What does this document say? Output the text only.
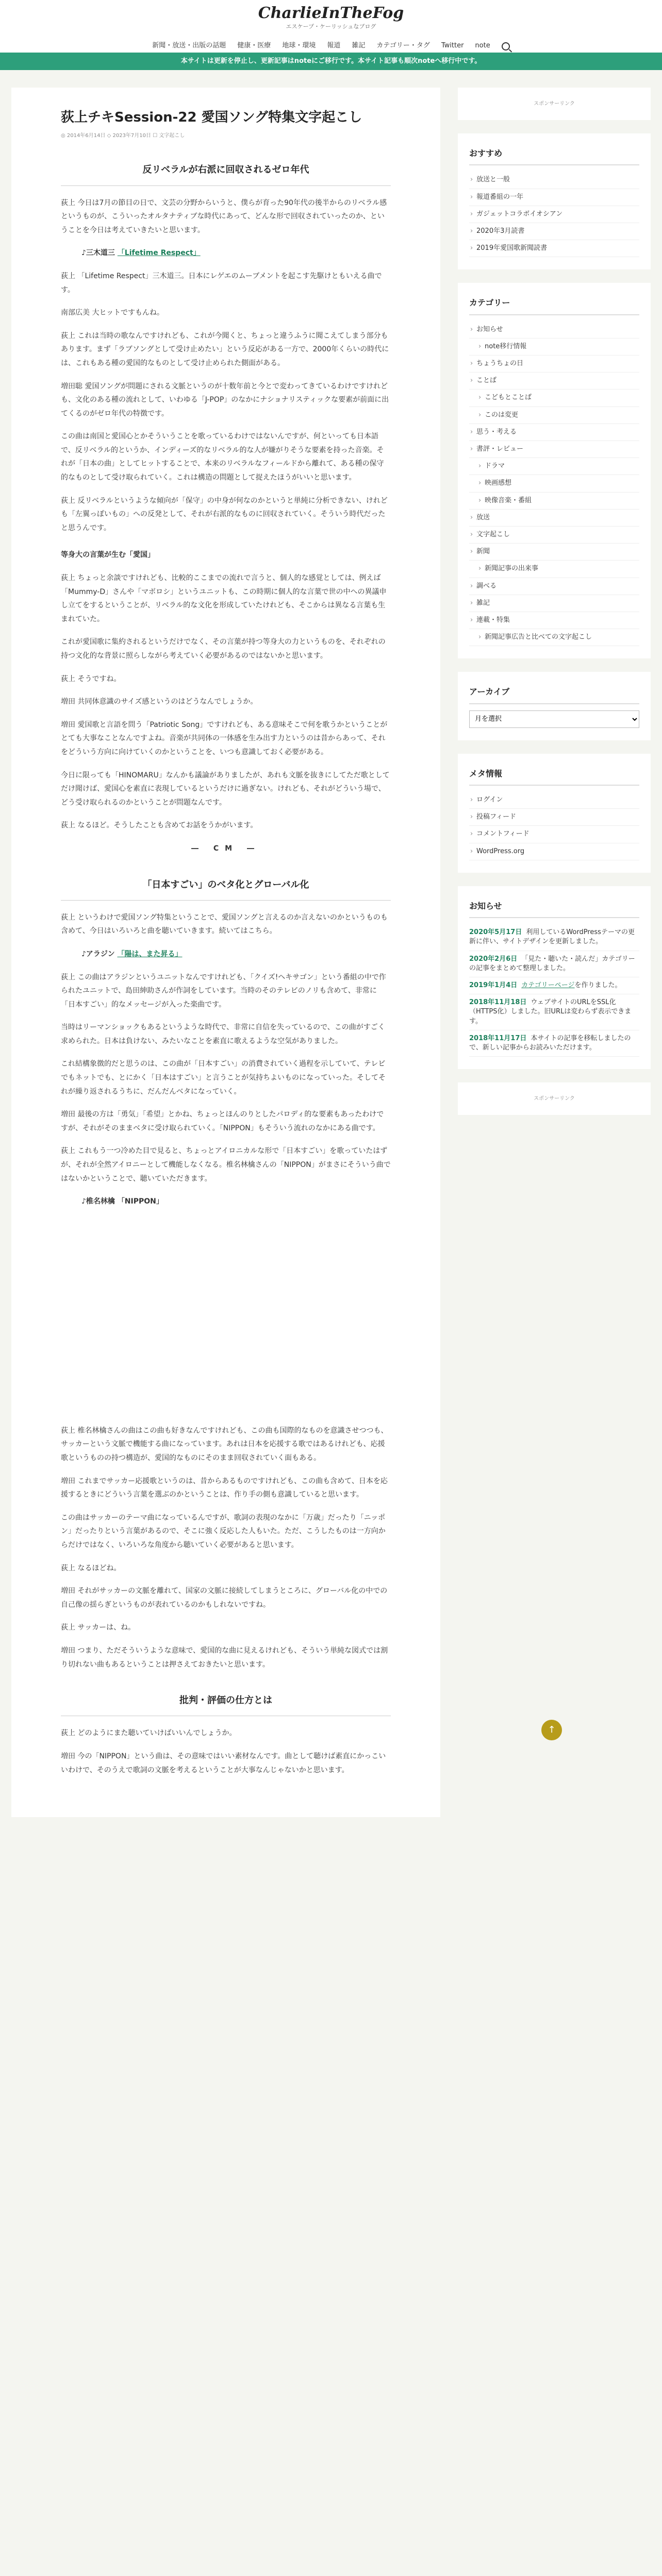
CharlieInTheFog
エスケープ・ケーリッシュなブログ
新聞・放送・出版の話題 健康・医療 地球・環境 報道 雑記 カテゴリー・タグ Twitter note
本サイトは更新を停止し、更新記事はnoteにご移行です。本サイト記事も順次noteへ移行中です。
荻上チキSession-22 愛国ソング特集文字起こし
◎ 2014年6月14日 ◇ 2023年7月10日 ☐ 文字起こし
反リベラルが右派に回収されるゼロ年代

荻上 今日は7月の節目の日で、文芸の分野からいうと、僕らが育った90年代の後半からのリベラル感というものが、こういったオルタナティブな時代にあって、どんな形で回収されていったのか、ということを今日は考えていきたいと思います。

♪三木道三 「Lifetime Respect」

荻上 「Lifetime Respect」三木道三。日本にレゲエのムーブメントを起こす先駆けともいえる曲です。

南部広美 大ヒットですもんね。

荻上 これは当時の歌なんですけれども、これが今聞くと、ちょっと違うふうに聞こえてしまう部分もあります。まず「ラブソングとして受け止めたい」という反応がある一方で、2000年くらいの時代には、これもある種の愛国的なものとして受け止められた側面がある。

増田聡 愛国ソングが問題にされる文脈というのが十数年前と今とで変わってきているわけですけれども、文化のある種の流れとして、いわゆる「J-POP」のなかにナショナリスティックな要素が前面に出てくるのがゼロ年代の特徴です。

この曲は南国と愛国心とかそういうことを歌っているわけではないんですが、何といっても日本語で、反リベラル的というか、インディーズ的なリベラル的な人が嫌がりそうな要素を持った音楽。それが「日本の曲」としてヒットすることで、本来のリベラルなフィールドから離れて、ある種の保守的なものとして受け取られていく。これは構造の問題として捉えたほうがいいと思います。

荻上 反リベラルというような傾向が「保守」の中身が何なのかというと単純に分析できない、けれども「左翼っぽいもの」への反発として、それが右派的なものに回収されていく。そういう時代だったと思うんです。

等身大の言葉が生む「愛国」

荻上 ちょっと余談ですけれども、比較的ここまでの流れで言うと、個人的な感覚としては、例えば「Mummy-D」さんや「マボロシ」というユニットも、この時期に個人的な言葉で世の中への異議申し立てをするということが、リベラル的な文化を形成していたけれども、そこからは異なる言葉も生まれていた。

これが愛国歌に集約されるというだけでなく、その言葉が持つ等身大の力というものを、それぞれの持つ文化的な背景に照らしながら考えていく必要があるのではないかと思います。

荻上 そうですね。

増田 共同体意識のサイズ感というのはどうなんでしょうか。

増田 愛国歌と言語を問う「Patriotic Song」ですけれども、ある意味そこで何を歌うかということがとても大事なことなんですよね。音楽が共同体の一体感を生み出す力というのは昔からあって、それをどういう方向に向けていくのかということを、いつも意識しておく必要がある。

今日に限っても「HINOMARU」なんかも議論がありましたが、あれも文脈を抜きにしてただ歌としてだけ聞けば、愛国心を素直に表現しているというだけに過ぎない。けれども、それがどういう場で、どう受け取られるのかということが問題なんです。

荻上 なるほど。そうしたことも含めてお話をうかがいます。

― CM ―

「日本すごい」のベタ化とグローバル化

荻上 というわけで愛国ソング特集ということで、愛国ソングと言えるのか言えないのかというものも含めて、今日はいろいろと曲を聴いていきます。続いてはこちら。

♪アラジン 「陽は、また昇る」

荻上 この曲はアラジンというユニットなんですけれども、「クイズ!ヘキサゴン」という番組の中で作られたユニットで、島田紳助さんが作詞をしています。当時のそのテレビのノリも含めて、非常に「日本すごい」的なメッセージが入った楽曲です。

当時はリーマンショックもあるというような時代で、非常に自信を失っているので、この曲がすごく求められた。日本は負けない、みたいなことを素直に歌えるような空気がありました。

これ結構象徴的だと思うのは、この曲が「日本すごい」の消費されていく過程を示していて、テレビでもネットでも、とにかく「日本はすごい」と言うことが気持ちよいものになっていった。そしてそれが繰り返されるうちに、だんだんベタになっていく。

増田 最後の方は「勇気」「希望」とかね、ちょっとほんのりとしたパロディ的な要素もあったわけですが、それがそのままベタに受け取られていく。「NIPPON」もそういう流れのなかにある曲です。

荻上 これもう一つ冷めた目で見ると、ちょっとアイロニカルな形で「日本すごい」を歌っていたはずが、それが全然アイロニーとして機能しなくなる。椎名林檎さんの「NIPPON」がまさにそういう曲ではないかということで、聴いていただきます。

♪椎名林檎 「NIPPON」

荻上 椎名林檎さんの曲はこの曲も好きなんですけれども、この曲も国際的なものを意識させつつも、サッカーという文脈で機能する曲になっています。あれは日本を応援する歌ではあるけれども、応援歌というものの持つ構造が、愛国的なものにそのまま回収されていく面もある。

増田 これまでサッカー応援歌というのは、昔からあるものですけれども、この曲も含めて、日本を応援するときにどういう言葉を選ぶのかということは、作り手の側も意識していると思います。

この曲はサッカーのテーマ曲になっているんですが、歌詞の表現のなかに「万歳」だったり「ニッポン」だったりという言葉があるので、そこに強く反応した人もいた。ただ、こうしたものは一方向からだけではなく、いろいろな角度から聴いていく必要があると思います。

荻上 なるほどね。

増田 それがサッカーの文脈を離れて、国家の文脈に接続してしまうところに、グローバル化の中での自己像の揺らぎというものが表れているのかもしれないですね。

荻上 サッカーは、ね。

増田 つまり、ただそういうような意味で、愛国的な曲に見えるけれども、そういう単純な図式では割り切れない曲もあるということは押さえておきたいと思います。

批判・評価の仕方とは

荻上 どのようにまた聴いていけばいいんでしょうか。

増田 今の「NIPPON」という曲は、その意味ではいい素材なんです。曲として聴けば素直にかっこいいわけで、そのうえで歌詞の文脈を考えるということが大事なんじゃないかと思います。

スポンサーリンク
おすすめ
› 放送と一般
› 報道番組の一年
› ガジェットコラボイオシアン
› 2020年3月読書
› 2019年愛国歌新聞読書
カテゴリー
› お知らせ
› note移行情報
› ちょうちょの日
› ことば
› こどもとことば
› このは変更
› 思う・考える
› 書評・レビュー
› ドラマ
› 映画感想
› 映像音楽・番組
› 放送
› 文字起こし
› 新聞
› 新聞記事の出来事
› 調べる
› 雑記
› 連載・特集
› 新聞記事広告と比べての文字起こし
アーカイブ
月を選択
メタ情報
› ログイン
› 投稿フィード
› コメントフィード
› WordPress.org
お知らせ
2020年5月17日 利用しているWordPressテーマの更新に伴い、サイトデザインを更新しました。
2020年2月6日 「見た・聴いた・読んだ」カテゴリーの記事をまとめて整理しました。
2019年1月4日 カテゴリーページを作りました。
2018年11月18日 ウェブサイトのURLをSSL化（HTTPS化）しました。旧URLは変わらず表示できます。
2018年11月17日 本サイトの記事を移転しましたので、新しい記事からお読みいただけます。
スポンサーリンク
↑
